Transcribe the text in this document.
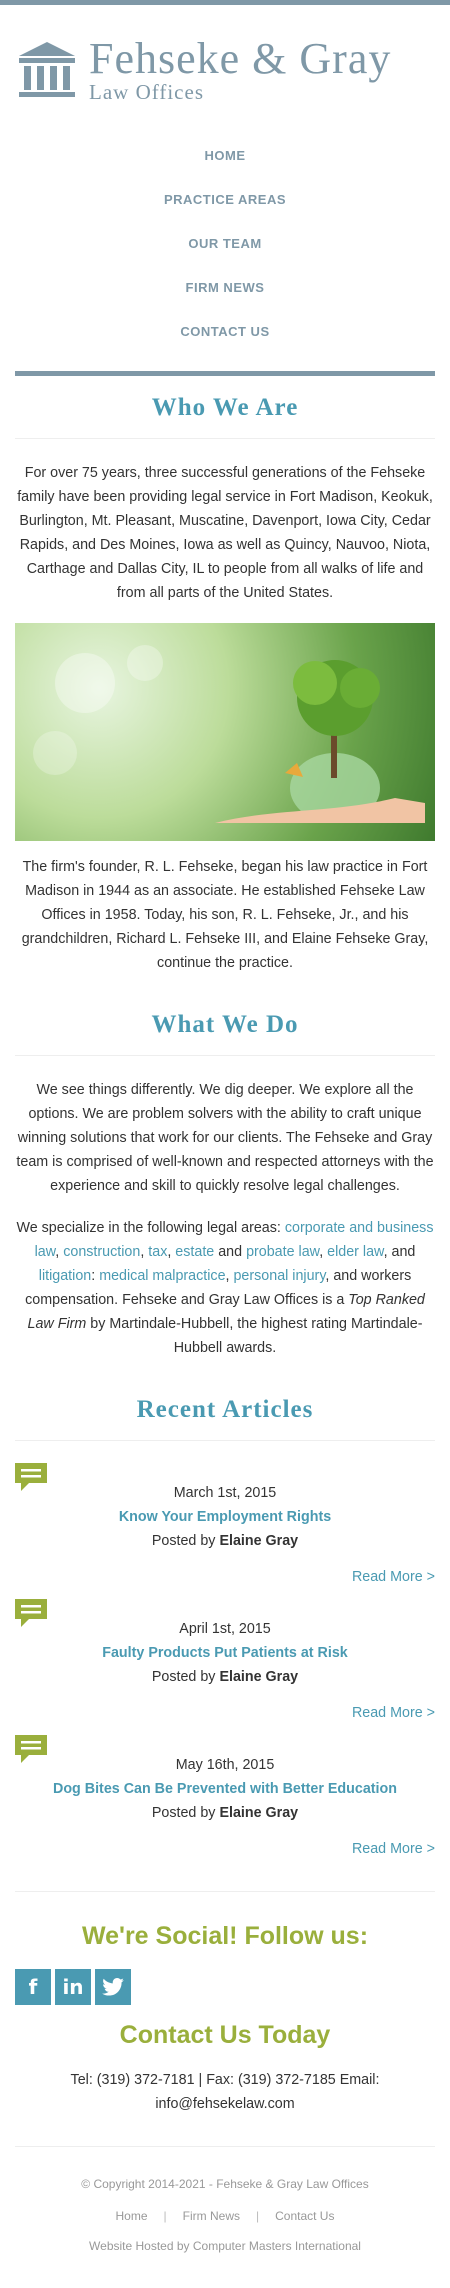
Fehseke & Gray
Law Offices
HOME
PRACTICE AREAS
OUR TEAM
FIRM NEWS
CONTACT US
Who We Are

For over 75 years, three successful generations of the Fehseke family have been providing legal service in Fort Madison, Keokuk, Burlington, Mt. Pleasant, Muscatine, Davenport, Iowa City, Cedar Rapids, and Des Moines, Iowa as well as Quincy, Nauvoo, Niota, Carthage and Dallas City, IL to people from all walks of life and from all parts of the United States.

The firm's founder, R. L. Fehseke, began his law practice in Fort Madison in 1944 as an associate. He established Fehseke Law Offices in 1958. Today, his son, R. L. Fehseke, Jr., and his grandchildren, Richard L. Fehseke III, and Elaine Fehseke Gray, continue the practice.

What We Do

We see things differently. We dig deeper. We explore all the options. We are problem solvers with the ability to craft unique winning solutions that work for our clients. The Fehseke and Gray team is comprised of well-known and respected attorneys with the experience and skill to quickly resolve legal challenges.

We specialize in the following legal areas: corporate and business law, construction, tax, estate and probate law, elder law, and litigation: medical malpractice, personal injury, and workers compensation. Fehseke and Gray Law Offices is a Top Ranked Law Firm by Martindale-Hubbell, the highest rating Martindale-Hubbell awards.

Recent Articles
March 1st, 2015
Know Your Employment Rights
Posted by Elaine Gray
Read More >
April 1st, 2015
Faulty Products Put Patients at Risk
Posted by Elaine Gray
Read More >
May 16th, 2015
Dog Bites Can Be Prevented with Better Education
Posted by Elaine Gray
Read More >
We're Social! Follow us:
f	in
Contact Us Today

Tel: (319) 372-7181 | Fax: (319) 372-7185 Email: info@fehsekelaw.com

© Copyright 2014-2021 - Fehseke & Gray Law Offices
Home	|	Firm News	|	Contact Us
Website Hosted by Computer Masters International
